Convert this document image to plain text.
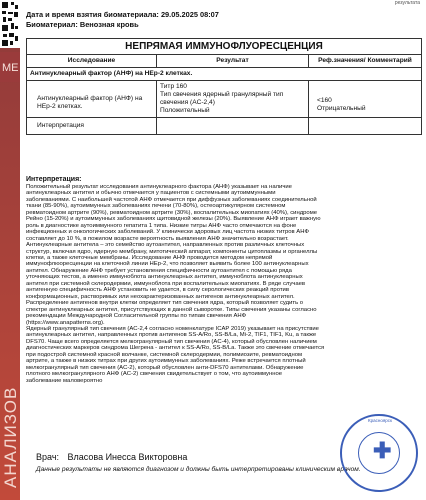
ME
АНАЛИЗОВ
результата
Дата и время взятия биоматериала: 29.05.2025 08:07
Биоматериал: Венозная кровь
НЕПРЯМАЯ ИММУНОФЛУОРЕСЦЕНЦИЯ
Исследование	Результат	Реф.значения/ Комментарий
Антинуклеарный фактор (АНФ) на НЕр-2 клетках.
Антинуклеарный фактор (АНФ) на НЕр-2 клетках.
Титр 160
Тип свечения ядерный гранулярный тип свечения (AC-2,4)
Положительный
<160
Отрицательный
Интерпретация
Интерпретация:
Положительный результат исследования антинуклеарного фактора (АНФ) указывает на наличие
антинуклеарных антител и обычно отмечается у пациентов с системными аутоиммунными
заболеваниями. С наибольшей частотой АНФ отмечается при диффузных заболеваниях соединительной
ткани (85-90%), аутоиммунных заболеваниях печени (70-80%), остеоартикулярном системном
ревматоидном артрите (90%), ревматоидном артрите (30%), воспалительных миопатиях (40%), синдроме
Рейно (15-20%) и аутоиммунных заболеваниях щитовидной железы (20%). Выявление АНФ играет важную
роль в диагностике аутоиммунного гепатита 1 типа. Низкие титры АНФ часто отмечаются на фоне
инфекционных и онкологических заболеваний. У клинически здоровых лиц частота низких титров АНФ
составляет до 10 %, в пожилом возрасте вероятность выявления АНФ значительно возрастает.
Антинуклеарные антитела – это семейство аутоантител, направленных против различных клеточных
структур, включая ядро, ядерную мембрану, митотический аппарат, компоненты цитоплазмы и органеллы
клетки, а также клеточные мембраны. Исследование АНФ проводится методом непрямой
иммунофлюоресценции на клеточной линии НЕр-2, что позволяет выявить более 100 антинуклеарных
антител. Обнаружение АНФ требует установления специфичности аутоантител с помощью ряда
уточняющих тестов, а именно иммуноблота антинуклеарных антител, иммуноблота антинуклеарных
антител при системной склеродермии, иммуноблота при воспалительных миопатиях. В ряде случаев
антигенную специфичность АНФ установить не удается, в силу серологических реакций против
конформационных, растворимых или неохарактеризованных антигенов антинуклеарных антител.
Распределение антигенов внутри клетки определяет тип свечения ядра, который позволяет судить о
спектре антинуклеарных антител, присутствующих в данной сыворотке. Типы свечения указаны согласно
рекомендации Международной Согласительной группы по типам свечения АНФ
(https://www.anapatterns.org).
Ядерный гранулярный тип свечения (AC-2,4 согласно номенклатуре ICAP 2019) указывает на присутствие
антинуклеарных антител, направленных против антигенов SS-A/Ro, SS-B/La, Mi-2, TIF1, TIF1, Ku, а также
DFS70. Чаще всего определяется мелкогранулярный тип свечения (AC-4), который обусловлен наличием
диагностических маркеров синдрома Шегрена - антител к SS-A/Ro, SS-B/La. Также это свечение отмечается
при подострой системной красной волчанке, системной склеродермии, полимиозите, ревматоидном
артрите, а также в низких титрах при других аутоиммунных заболеваниях. Реже встречается плотный
мелкогранулярный тип свечения (AC-2), который обусловлен анти-DFS70 антителами. Обнаружение
плотного мелкогранулярного АНФ (AC-2) свечения свидетельствует о том, что аутоиммунное
заболевание маловероятно
Врач: Власова Инесса Викторовна
Данные результаты не являются диагнозом и должны быть интерпретированы клиническим врачом.
Красноярск
✚
